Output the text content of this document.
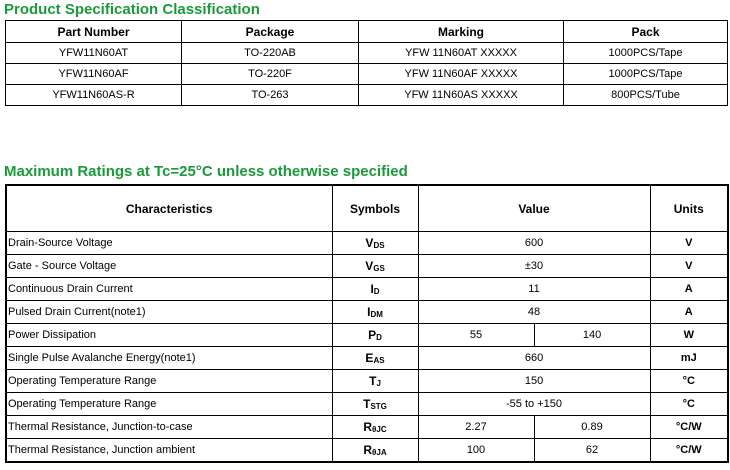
Product Specification Classification
Part Number	Package	Marking	Pack
YFW11N60AT	TO-220AB	YFW 11N60AT XXXXX	1000PCS/Tape
YFW11N60AF	TO-220F	YFW 11N60AF XXXXX	1000PCS/Tape
YFW11N60AS-R	TO-263	YFW 11N60AS XXXXX	800PCS/Tube
Maximum Ratings at Tc=25°C unless otherwise specified
Characteristics	Symbols	Value		Units
Drain-Source Voltage	$V_{DS}$	600		V
Gate - Source Voltage	$V_{GS}$	±30		V
Continuous Drain Current	$I_D$	11		A
Pulsed Drain Current(note1)	$I_{DM}$	48		A
Power Dissipation	$P_D$	55	140	W
Single Pulse Avalanche Energy(note1)	$E_{AS}$	660		mJ
Operating Temperature Range	$T_J$	150		°C
Operating Temperature Range	$T_{STG}$	-55 to +150		°C
Thermal Resistance, Junction-to-case	$R_{\theta JC}$	2.27	0.89	°C/W
Thermal Resistance, Junction ambient	$R_{\theta JA}$	100	62	°C/W
